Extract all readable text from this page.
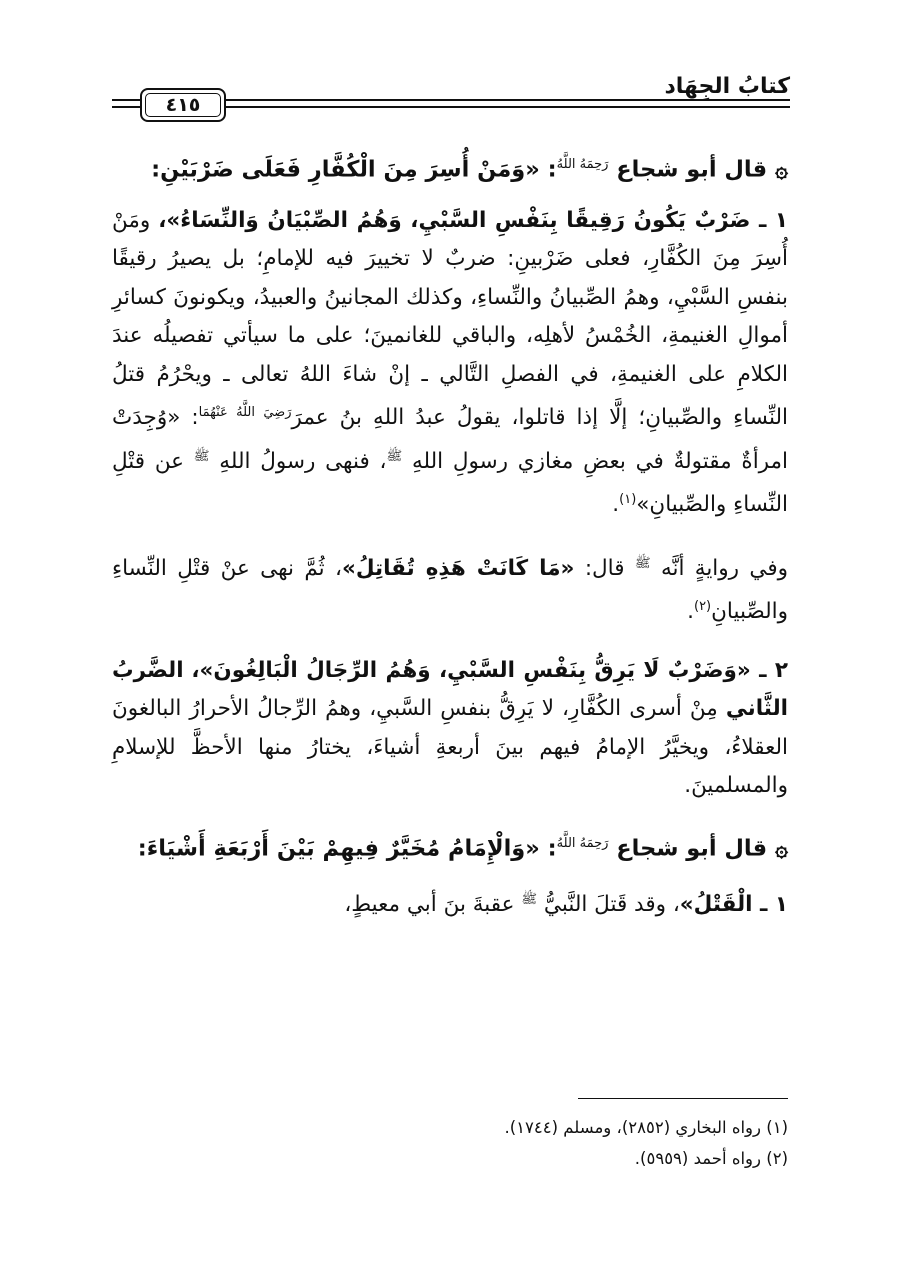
كتابُ الجِهَاد
٤١٥

۞قال أبو شجاع $^{رَحِمَهُ اللَّهُ}$: «وَمَنْ أُسِرَ مِنَ الْكُفَّارِ فَعَلَى ضَرْبَيْنِ:

١ ـ ضَرْبٌ يَكُونُ رَقِيقًا بِنَفْسِ السَّبْيِ، وَهُمُ الصِّبْيَانُ وَالنِّسَاءُ»، ومَنْ أُسِرَ مِنَ الكُفَّارِ، فعلى ضَرْبينِ: ضربٌ لا تخييرَ فيه للإمامِ؛ بل يصيرُ رقيقًا بنفسِ السَّبْيِ، وهمُ الصِّبيانُ والنِّساءِ، وكذلك المجانينُ والعبيدُ، ويكونونَ كسائرِ أموالِ الغنيمةِ، الخُمْسُ لأهلِه، والباقي للغانمينَ؛ على ما سيأتي تفصيلُه عندَ الكلامِ على الغنيمةِ، في الفصلِ التَّالي ـ إنْ شاءَ اللهُ تعالى ـ ويحْرُمُ قتلُ النِّساءِ والصِّبيانِ؛ إلَّا إذا قاتلوا، يقولُ عبدُ اللهِ بنُ عمرَ$^{رَضِيَ اللَّهُ عَنْهُمَا}$: «وُجِدَتْ امرأةٌ مقتولةٌ في بعضِ مغازي رسولِ اللهِ $^ﷺ$، فنهى رسولُ اللهِ $^ﷺ$ عن قتْلِ النِّساءِ والصِّبيانِ»$^{(١)}$.

وفي روايةٍ أنَّه $^ﷺ$ قال: «مَا كَانَتْ هَذِهِ تُقَاتِلُ»، ثُمَّ نهى عنْ قتْلِ النِّساءِ والصِّبيانِ$^{(٢)}$.

٢ ـ «وَضَرْبٌ لَا يَرِقُّ بِنَفْسِ السَّبْيِ، وَهُمُ الرِّجَالُ الْبَالِغُونَ»، الضَّربُ الثَّاني مِنْ أسرى الكُفَّارِ، لا يَرِقُّ بنفسِ السَّبيِ، وهمُ الرِّجالُ الأحرارُ البالغونَ العقلاءُ، ويخيَّرُ الإمامُ فيهم بينَ أربعةِ أشياءَ، يختارُ منها الأحظَّ للإسلامِ والمسلمينَ.

۞قال أبو شجاع $^{رَحِمَهُ اللَّهُ}$: «وَالْإِمَامُ مُخَيَّرٌ فِيهِمْ بَيْنَ أَرْبَعَةِ أَشْيَاءَ:

١ ـ الْقَتْلُ»، وقد قَتلَ النَّبيُّ $^ﷺ$ عقبةَ بنَ أبي معيطٍ،

(١) رواه البخاري (٢٨٥٢)، ومسلم (١٧٤٤).

(٢) رواه أحمد (٥٩٥٩).
